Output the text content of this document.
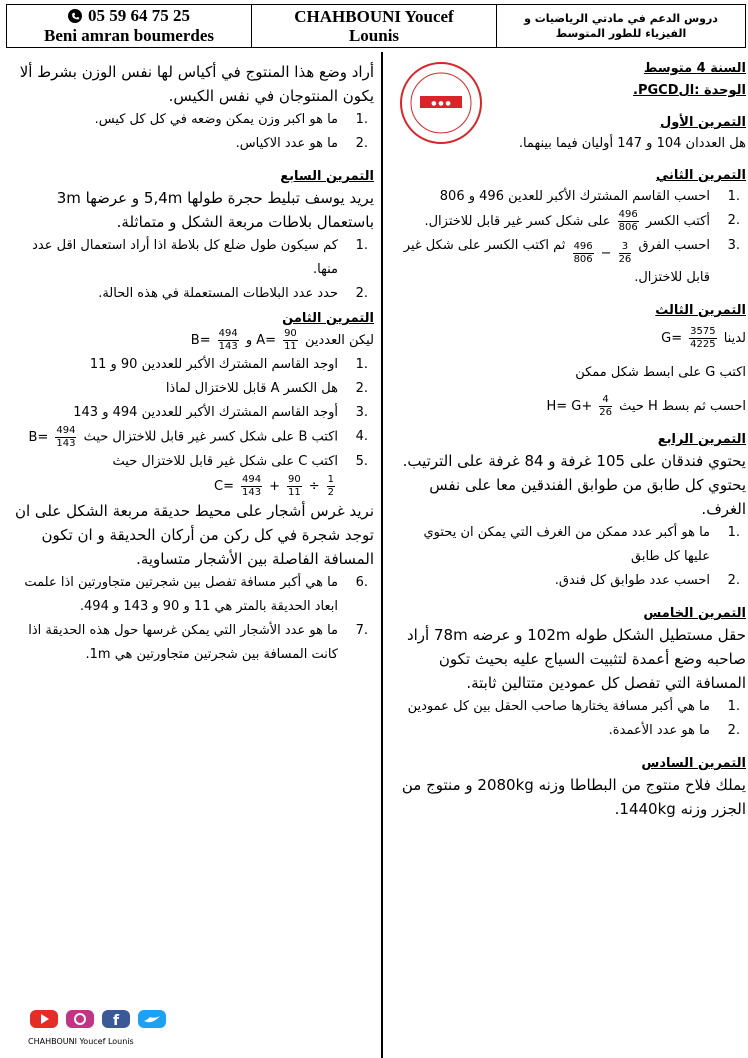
05 59 64 75 25
Beni amran boumerdes
CHAHBOUNI Youcef
Lounis
دروس الدعم في مادتي الرياضيات و
الفيزياء للطور المتوسط
● ● ●
السنة 4 متوسط
الوحدة :الPGCD.
التمرين الأول

هل العددان 104 و 147 أوليان فيما بينهما.

التمرين الثاني
1.
احسب القاسم المشترك الأكبر للعدين 496 و 806
2.
أكتب الكسر
$\frac{496}{806}$
على شكل كسر غير قابل للاختزال.
3.
احسب الفرق
$\frac{496}{806} - \frac{3}{26}$
ثم اكتب الكسر على شكل غير قابل للاختزال.
التمرين الثالث

لدينا
$G= \frac{3575}{4225}$

اكتب G على ابسط شكل ممكن

احسب ثم بسط H حيث
$H= G+ \frac{4}{26}$

التمرين الرابع

يحتوي فندقان على 105 غرفة و 84 غرفة على الترتيب. يحتوي كل طابق من طوابق الفندقين معا على نفس الغرف.

1.
ما هو أكبر عدد ممكن من الغرف التي يمكن ان يحتوي عليها كل طابق
2.
احسب عدد طوابق كل فندق.
التمرين الخامس

حقل مستطيل الشكل طوله 102m و عرضه 78m أراد صاحبه وضع أعمدة لتثبيت السياج عليه بحيث تكون المسافة التي تفصل كل عمودين متتالين ثابتة.

1.
ما هي أكبر مسافة يختارها صاحب الحقل بين كل عمودين
2.
ما هو عدد الأعمدة.
التمرين السادس

يملك فلاح منتوج من البطاطا وزنه 2080kg و منتوج من الجزر وزنه 1440kg.

أراد وضع هذا المنتوج في أكياس لها نفس الوزن بشرط ألا يكون المنتوجان في نفس الكيس.

1.
ما هو اكبر وزن يمكن وضعه في كل كل كيس.
2.
ما هو عدد الاكياس.
التمرين السابع

يريد يوسف تبليط حجرة طولها 5,4m و عرضها 3m باستعمال بلاطات مربعة الشكل و متماثلة.

1.
كم سيكون طول ضلع كل بلاطة اذا أراد استعمال اقل عدد منها.
2.
حدد عدد البلاطات المستعملة في هذه الحالة.
التمرين الثامن

ليكن العددين
$A= \frac{90}{11}$
و
$B= \frac{494}{143}$

1.
اوجد القاسم المشترك الأكبر للعددين 90 و 11
2.
هل الكسر A قابل للاختزال لماذا
3.
أوجد القاسم المشترك الأكبر للعددين 494 و 143
4.
اكتب B على شكل كسر غير قابل للاختزال حيث
$B= \frac{494}{143}$
5.
اكتب C على شكل غير قابل للاختزال حيث

$C= \frac{494}{143} + \frac{90}{11} \div \frac{1}{2}$

نريد غرس أشجار على محيط حديقة مربعة الشكل على ان توجد شجرة في كل ركن من أركان الحديقة و ان تكون المسافة الفاصلة بين الأشجار متساوية.

6.
ما هي أكبر مسافة تفصل بين شجرتين متجاورتين اذا علمت ابعاد الحديقة بالمتر هي 11 و 90 و 143 و 494.
7.
ما هو عدد الأشجار التي يمكن غرسها حول هذه الحديقة اذا كانت المسافة بين شجرتين متجاورتين هي 1m.
f
CHAHBOUNI Youcef Lounis
